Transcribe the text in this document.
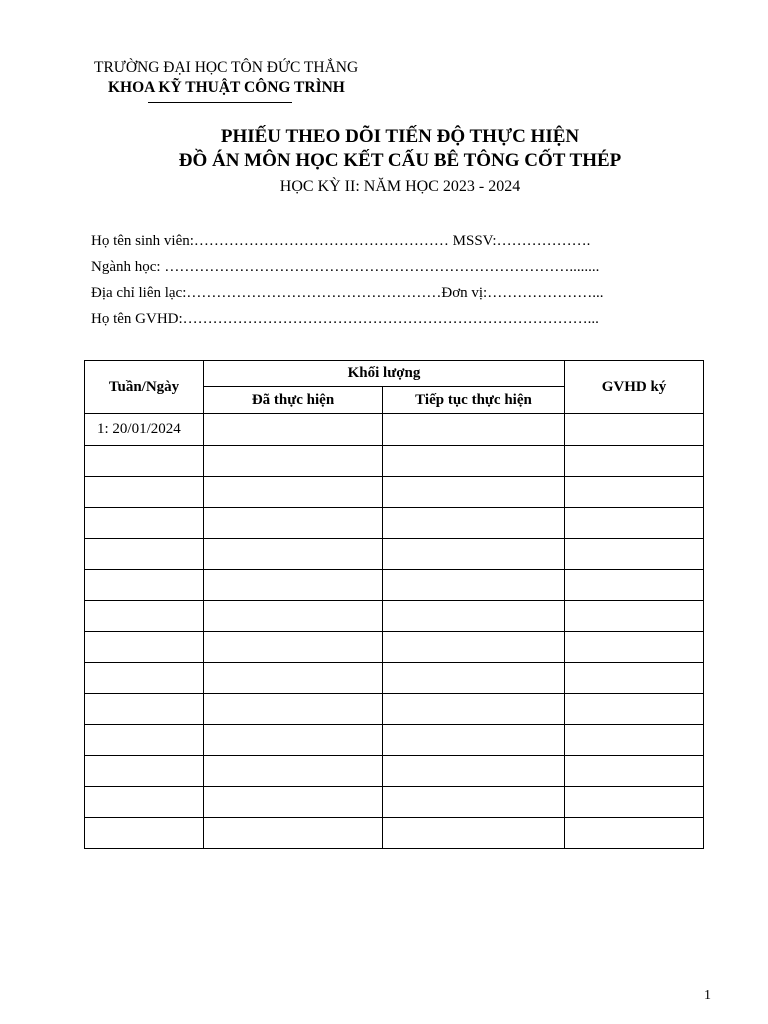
TRƯỜNG ĐẠI HỌC TÔN ĐỨC THẮNG
KHOA KỸ THUẬT CÔNG TRÌNH
PHIẾU THEO DÕI TIẾN ĐỘ THỰC HIỆN
ĐỒ ÁN MÔN HỌC KẾT CẤU BÊ TÔNG CỐT THÉP
HỌC KỲ II: NĂM HỌC 2023 - 2024
Họ tên sinh viên:…………………………………………… MSSV:……………….
Ngành học: ………………………………………………………………………........
Địa chỉ liên lạc:……………………………………………Đơn vị:…………………...
Họ tên GVHD:………………………………………………………………………...
Tuần/Ngày	Khối lượng		GVHD ký
	Đã thực hiện	Tiếp tục thực hiện	
1: 20/01/2024			

1
